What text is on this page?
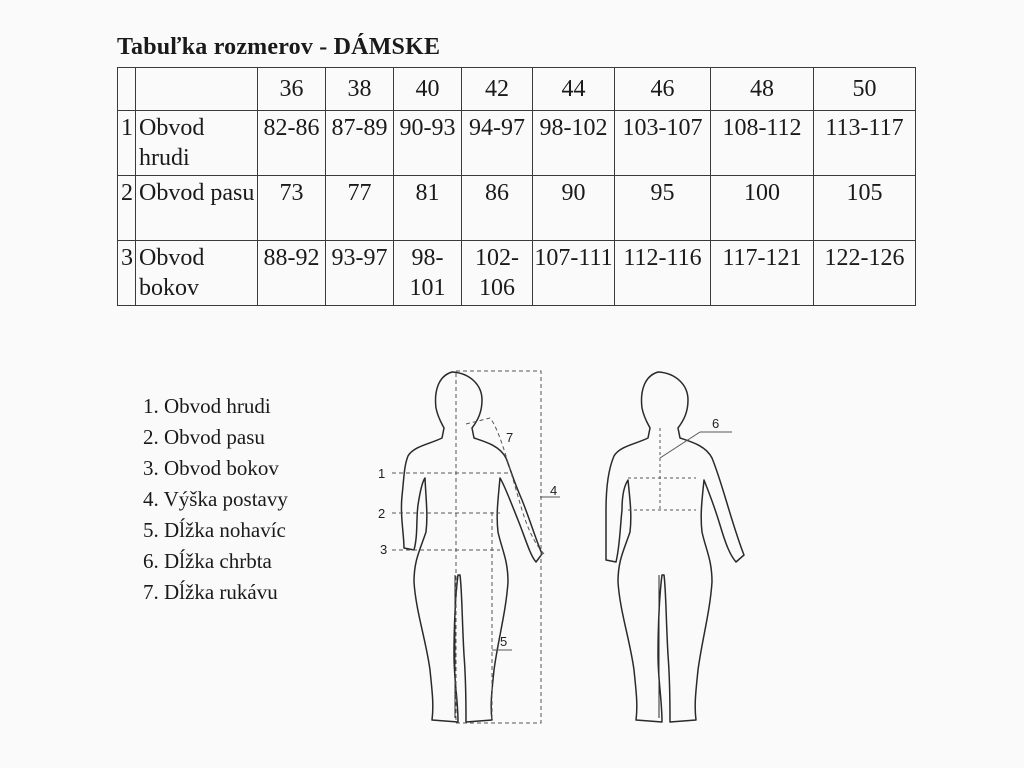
Tabuľka rozmerov - DÁMSKE
		36	38	40	42	44	46	48	50
1	Obvod hrudi	82-86	87-89	90-93	94-97	98-102	103-107	108-112	113-117
2	Obvod pasu	73	77	81	86	90	95	100	105
3	Obvod bokov	88-92	93-97	98-101	102-106	107-111	112-116	117-121	122-126
1. Obvod hrudi
2. Obvod pasu
3. Obvod bokov
4. Výška postavy
5. Dĺžka nohavíc
6. Dĺžka chrbta
7. Dĺžka rukávu
1
2
3
4
5
7
6
